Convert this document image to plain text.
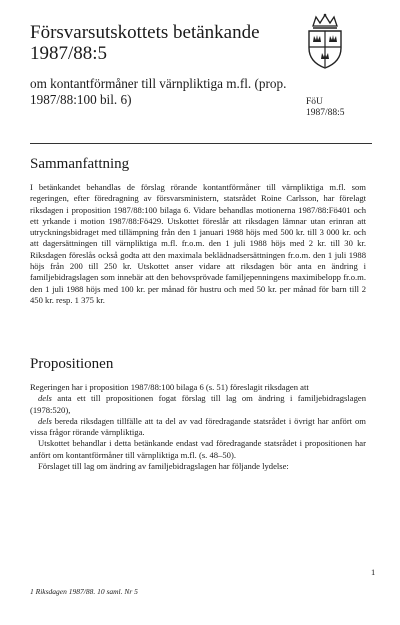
Försvarsutskottets betänkande 1987/88:5

om kontantförmåner till värnpliktiga m.fl. (prop. 1987/88:100 bil. 6)	FöU
1987/88:5
Sammanfattning

I betänkandet behandlas de förslag rörande kontantförmåner till värnpliktiga m.fl. som regeringen, efter föredragning av försvarsministern, statsrådet Roine Carlsson, har förelagt riksdagen i proposition 1987/88:100 bilaga 6. Vidare behandlas motionerna 1987/88:Fö401 och ett yrkande i motion 1987/88:Fö429. Utskottet föreslår att riksdagen lämnar utan erinran att utryckningsbidraget med tillämpning från den 1 januari 1988 höjs med 500 kr. till 3 000 kr. och att dagersättningen till värnpliktiga m.fl. fr.o.m. den 1 juli 1988 höjs med 2 kr. till 30 kr. Riksdagen föreslås också godta att den maximala beklädnadsersättningen fr.o.m. den 1 juli 1988 höjs från 200 till 250 kr. Utskottet anser vidare att riksdagen bör anta en ändring i familjebidragslagen som innebär att den behovsprövade familjepenningens maximibelopp fr.o.m. den 1 juli 1988 höjs med 100 kr. per månad för hustru och med 50 kr. per månad för barn till 2 450 kr. resp. 1 375 kr.

Propositionen

Regeringen har i proposition 1987/88:100 bilaga 6 (s. 51) föreslagit riksdagen att

dels anta ett till propositionen fogat förslag till lag om ändring i familjebidragslagen (1978:520),

dels bereda riksdagen tillfälle att ta del av vad föredragande statsrådet i övrigt har anfört om vissa frågor rörande värnpliktiga.

Utskottet behandlar i detta betänkande endast vad föredragande statsrådet i propositionen har anfört om kontantförmåner till värnpliktiga m.fl. (s. 48–50).

Förslaget till lag om ändring av familjebidragslagen har följande lydelse:

1
1 Riksdagen 1987/88. 10 saml. Nr 5
